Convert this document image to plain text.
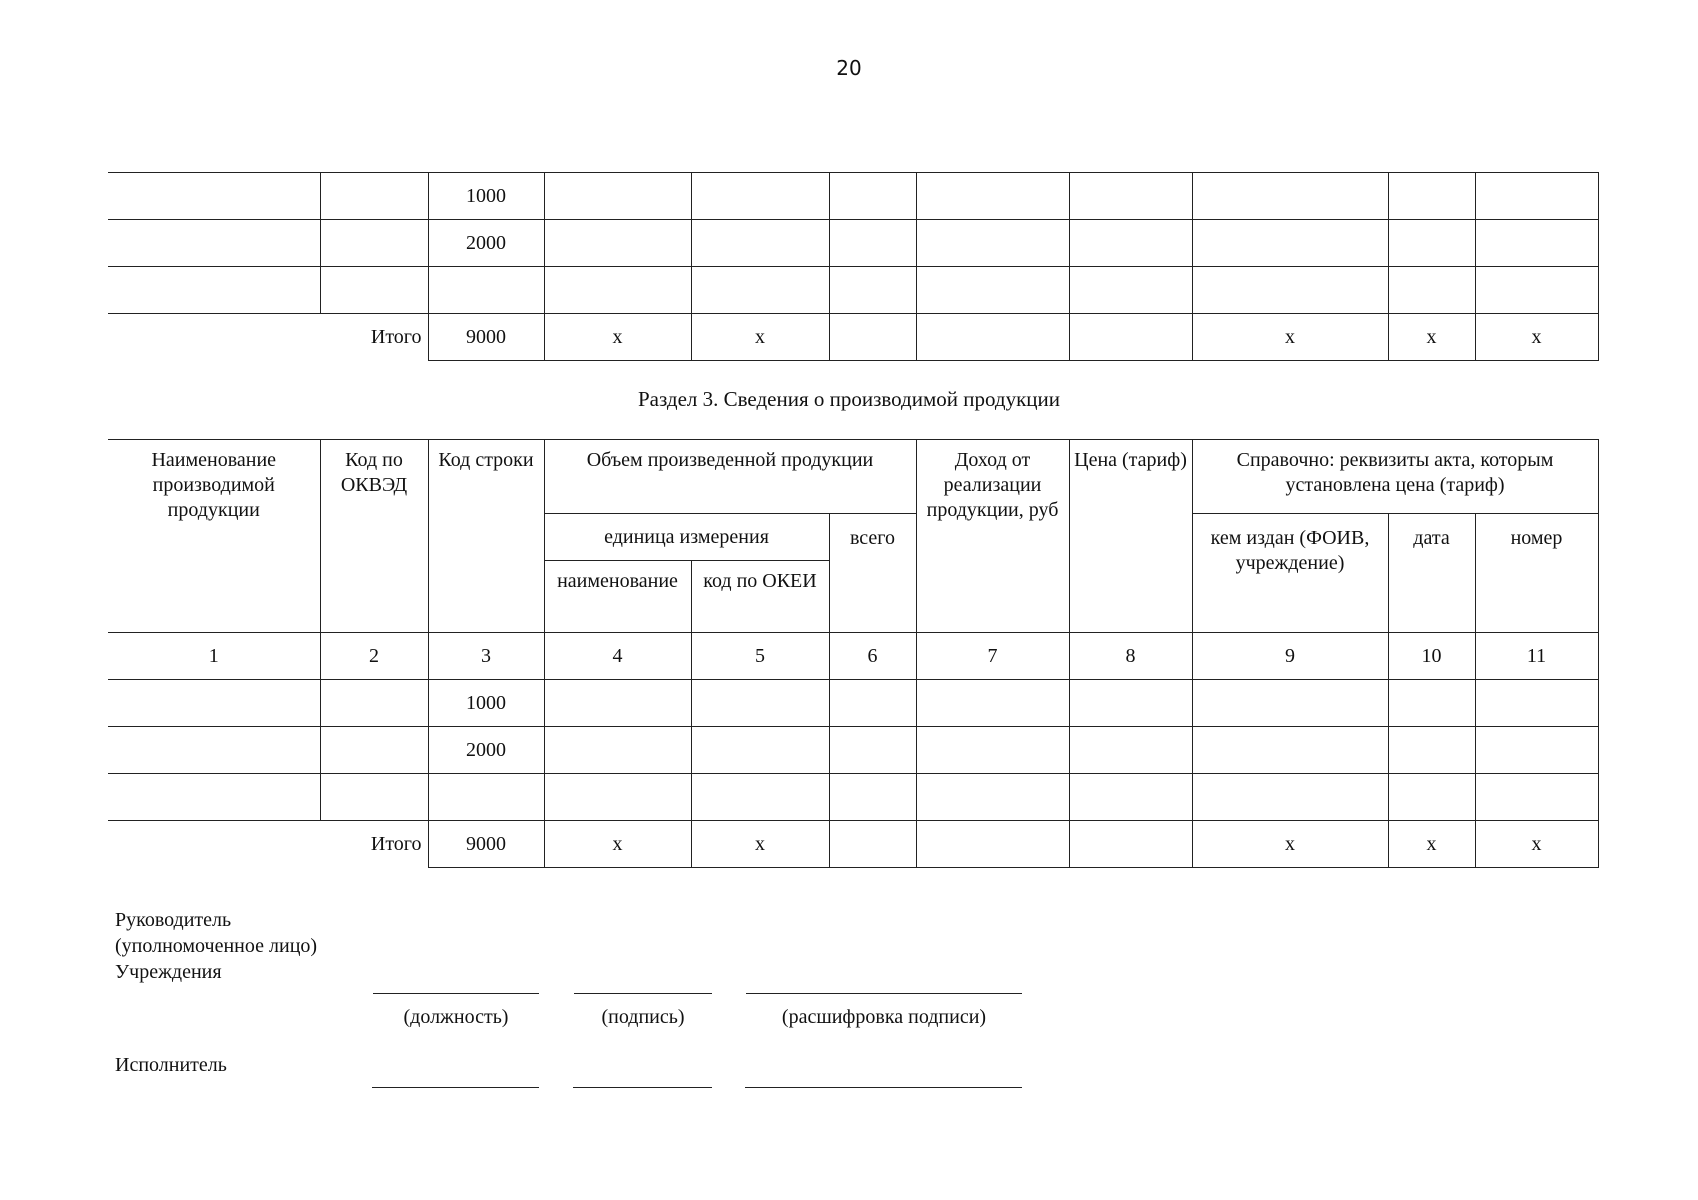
20
		1000								
		2000								

Итого		9000	x	x				x	x	x
Раздел 3. Сведения о производимой продукции
Наименование производимой продукции	Код по ОКВЭД	Код строки	Объем произведенной продукции			Доход от реализации продукции, руб	Цена (тариф)	Справочно: реквизиты акта, которым установлена цена (тариф)		
			единица измерения		всего			кем издан (ФОИВ, учреждение)	дата	номер
			наименование	код по ОКЕИ						
1	2	3	4	5	6	7	8	9	10	11
		1000								
		2000								

Итого		9000	x	x				x	x	x
Руководитель
(уполномоченное лицо)
Учреждения
(должность)	(подпись)	(расшифровка подписи)
Исполнитель
